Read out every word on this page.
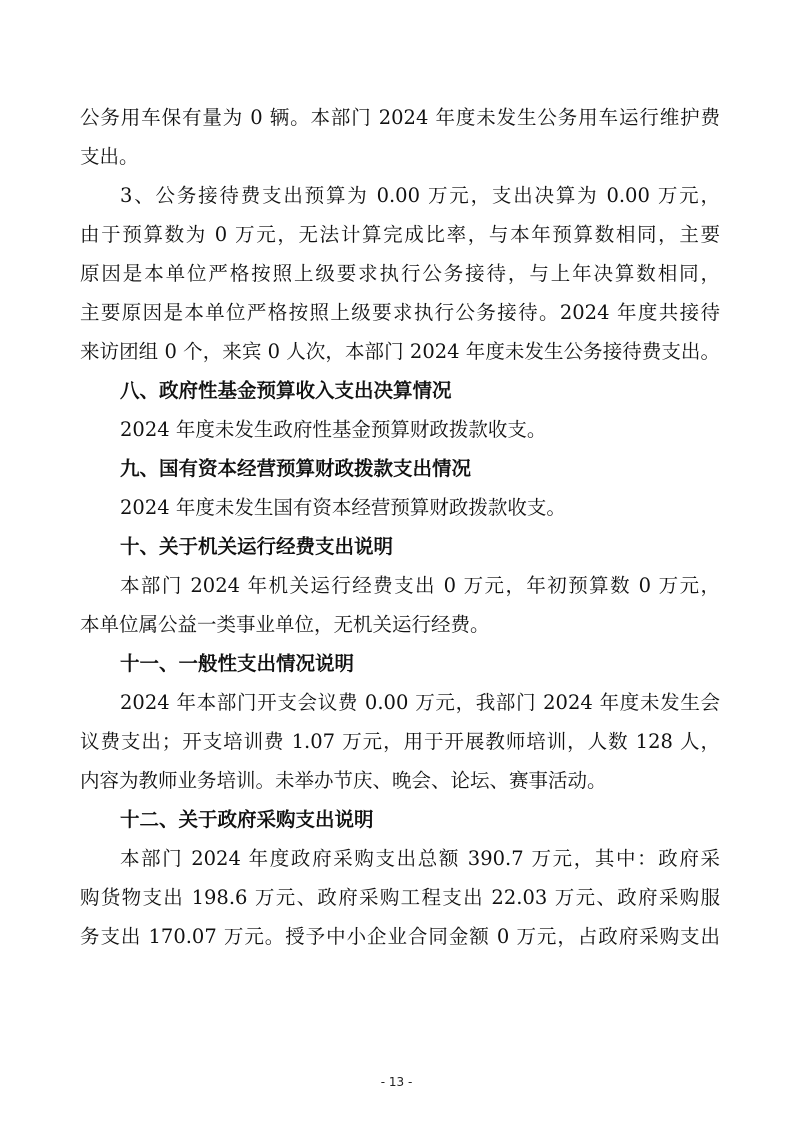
公务用车保有量为 0 辆。本部门 2024 年度未发生公务用车运行维护费
支出。
3、公务接待费支出预算为 0.00 万元，支出决算为 0.00 万元，
由于预算数为 0 万元，无法计算完成比率，与本年预算数相同，主要
原因是本单位严格按照上级要求执行公务接待，与上年决算数相同，
主要原因是本单位严格按照上级要求执行公务接待。2024 年度共接待
来访团组 0 个，来宾 0 人次，本部门 2024 年度未发生公务接待费支出。
八、政府性基金预算收入支出决算情况
2024 年度未发生政府性基金预算财政拨款收支。
九、国有资本经营预算财政拨款支出情况
2024 年度未发生国有资本经营预算财政拨款收支。
十、关于机关运行经费支出说明
本部门 2024 年机关运行经费支出 0 万元，年初预算数 0 万元，
本单位属公益一类事业单位，无机关运行经费。
十一、一般性支出情况说明
2024 年本部门开支会议费 0.00 万元，我部门 2024 年度未发生会
议费支出；开支培训费 1.07 万元，用于开展教师培训，人数 128 人，
内容为教师业务培训。未举办节庆、晚会、论坛、赛事活动。
十二、关于政府采购支出说明
本部门 2024 年度政府采购支出总额 390.7 万元，其中：政府采
购货物支出 198.6 万元、政府采购工程支出 22.03 万元、政府采购服
务支出 170.07 万元。授予中小企业合同金额 0 万元，占政府采购支出
- 13 -
